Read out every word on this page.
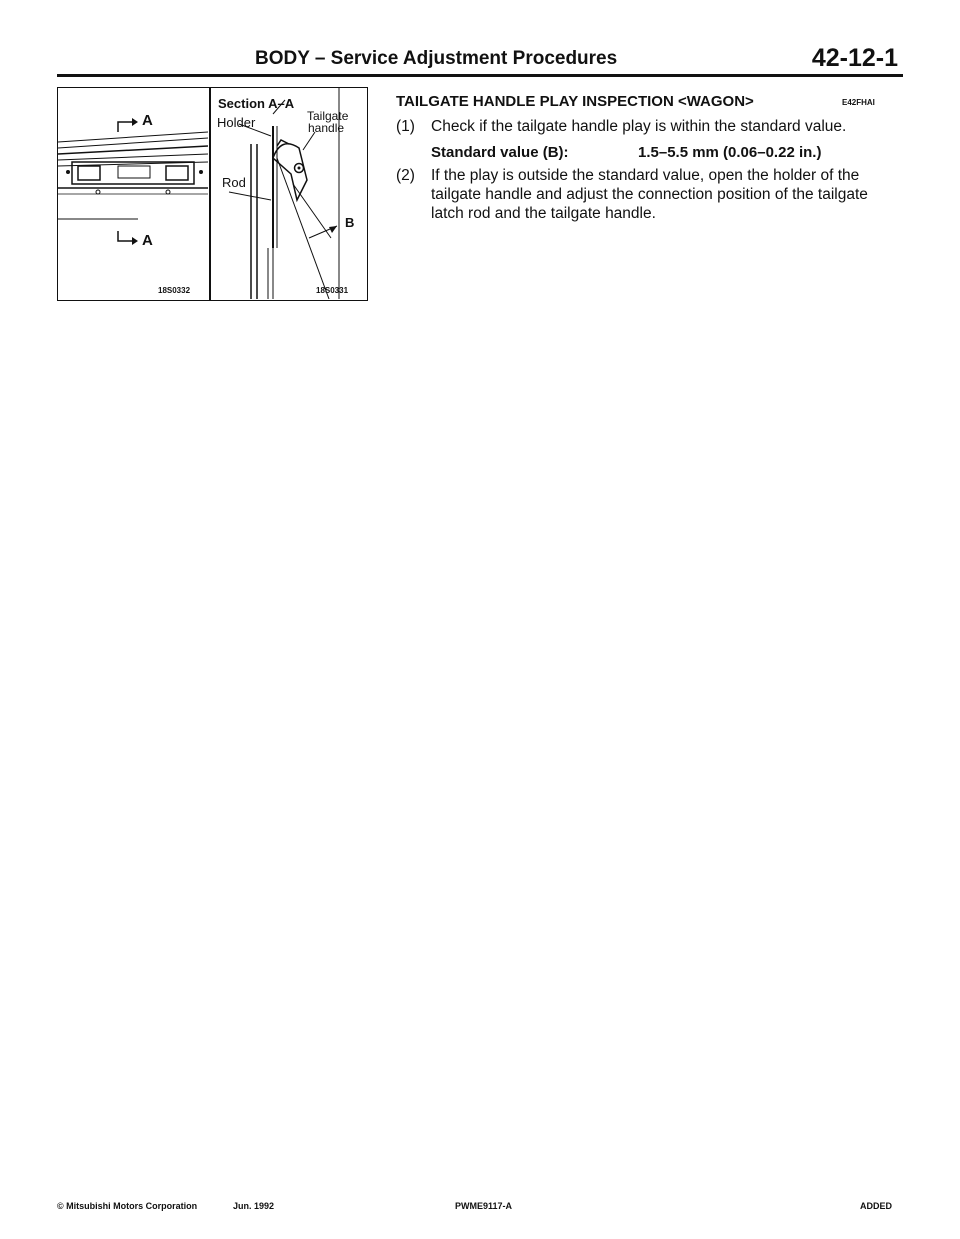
BODY – Service Adjustment Procedures	42-12-1
A
A
18S0332
Section A–A
Holder	Tailgate
handle
Rod
B
18S0331
TAILGATE HANDLE PLAY INSPECTION <WAGON>	E42FHAI
(1) Check if the tailgate handle play is within the standard value.
Standard value (B):	1.5–5.5 mm (0.06–0.22 in.)
(2) If the play is outside the standard value, open the holder of the tailgate handle and adjust the connection position of the tailgate latch rod and the tailgate handle.
© Mitsubishi Motors Corporation	Jun. 1992	PWME9117-A	ADDED
